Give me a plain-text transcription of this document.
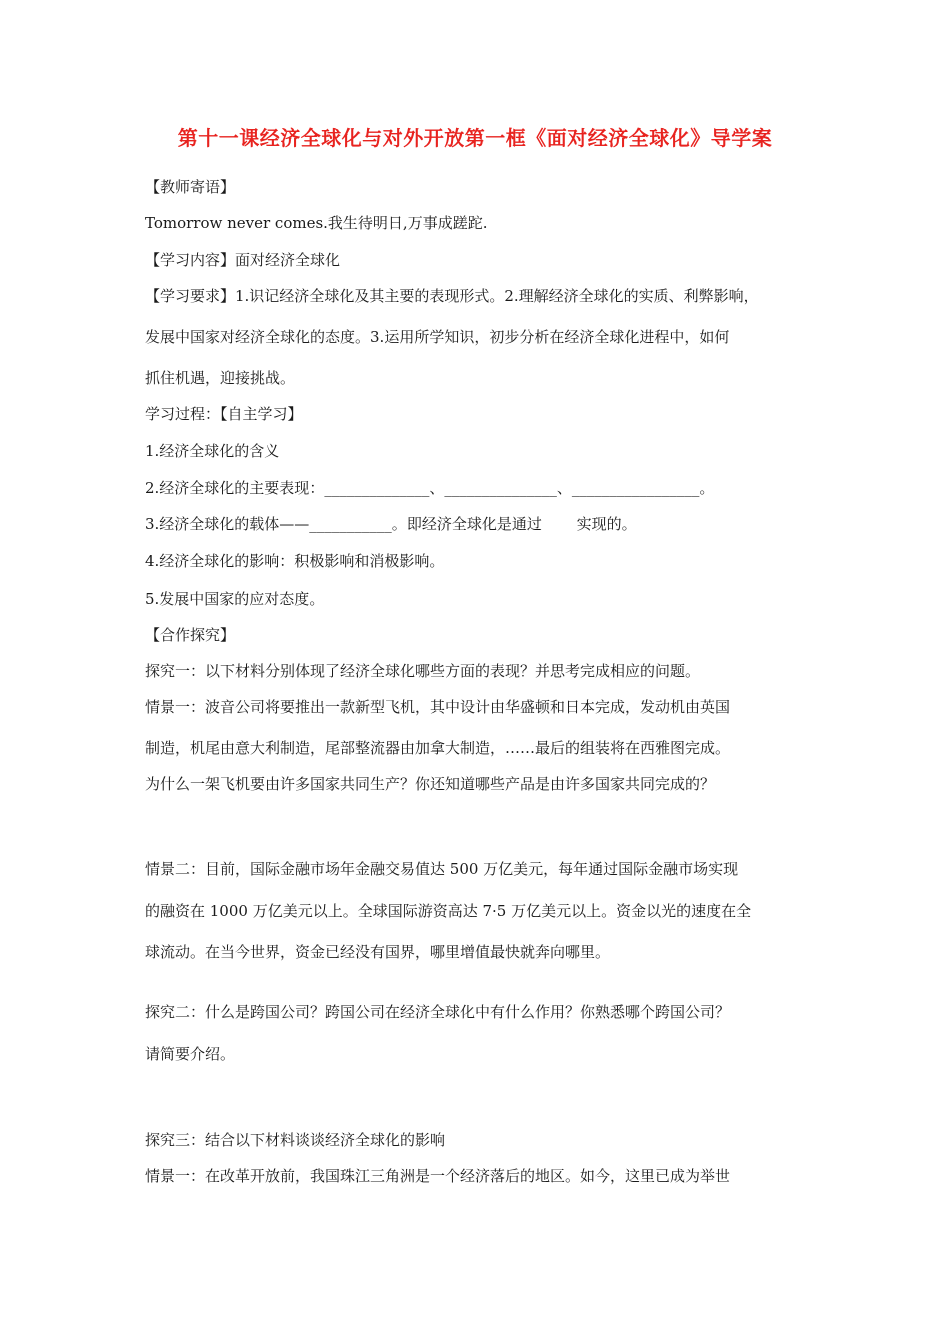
第十一课经济全球化与对外开放第一框《面对经济全球化》导学案
【教师寄语】
Tomorrow never comes.我生待明日,万事成蹉跎.
【学习内容】面对经济全球化
【学习要求】1.识记经济全球化及其主要的表现形式。2.理解经济全球化的实质、利弊影响，
发展中国家对经济全球化的态度。3.运用所学知识，初步分析在经济全球化进程中，如何
抓住机遇，迎接挑战。
学习过程：【自主学习】
1.经济全球化的含义
2.经济全球化的主要表现：______________、_______________、_________________。
3.经济全球化的载体——___________。即经济全球化是通过　　 实现的。
4.经济全球化的影响：积极影响和消极影响。
5.发展中国家的应对态度。
【合作探究】
探究一：以下材料分别体现了经济全球化哪些方面的表现？并思考完成相应的问题。
情景一：波音公司将要推出一款新型飞机，其中设计由华盛顿和日本完成，发动机由英国
制造，机尾由意大利制造，尾部整流器由加拿大制造，……最后的组装将在西雅图完成。
为什么一架飞机要由许多国家共同生产？你还知道哪些产品是由许多国家共同完成的？
情景二：目前，国际金融市场年金融交易值达 500 万亿美元，每年通过国际金融市场实现
的融资在 1000 万亿美元以上。全球国际游资高达 7·5 万亿美元以上。资金以光的速度在全
球流动。在当今世界，资金已经没有国界，哪里增值最快就奔向哪里。
探究二：什么是跨国公司？跨国公司在经济全球化中有什么作用？你熟悉哪个跨国公司？
请简要介绍。
探究三：结合以下材料谈谈经济全球化的影响
情景一：在改革开放前，我国珠江三角洲是一个经济落后的地区。如今，这里已成为举世
